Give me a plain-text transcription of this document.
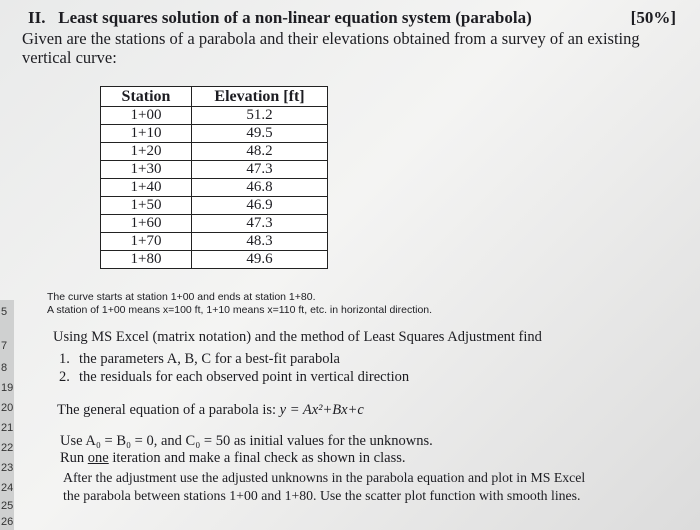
II. Least squares solution of a non-linear equation system (parabola)	[50%]
Given are the stations of a parabola and their elevations obtained from a survey of an existing vertical curve:
Station	Elevation [ft]
1+00	51.2
1+10	49.5
1+20	48.2
1+30	47.3
1+40	46.8
1+50	46.9
1+60	47.3
1+70	48.3
1+80	49.6
The curve starts at station 1+00 and ends at station 1+80.
A station of 1+00 means x=100 ft, 1+10 means x=110 ft, etc. in horizontal direction.
5
7
8
19
20
21
22
23
24
25
26
Using MS Excel (matrix notation) and the method of Least Squares Adjustment find
1. the parameters A, B, C for a best-fit parabola
2. the residuals for each observed point in vertical direction
The general equation of a parabola is: y = Ax²+Bx+c
Use A₀ = B₀ = 0, and C₀ = 50 as initial values for the unknowns.
Run one iteration and make a final check as shown in class.
After the adjustment use the adjusted unknowns in the parabola equation and plot in MS Excel
the parabola between stations 1+00 and 1+80. Use the scatter plot function with smooth lines.
